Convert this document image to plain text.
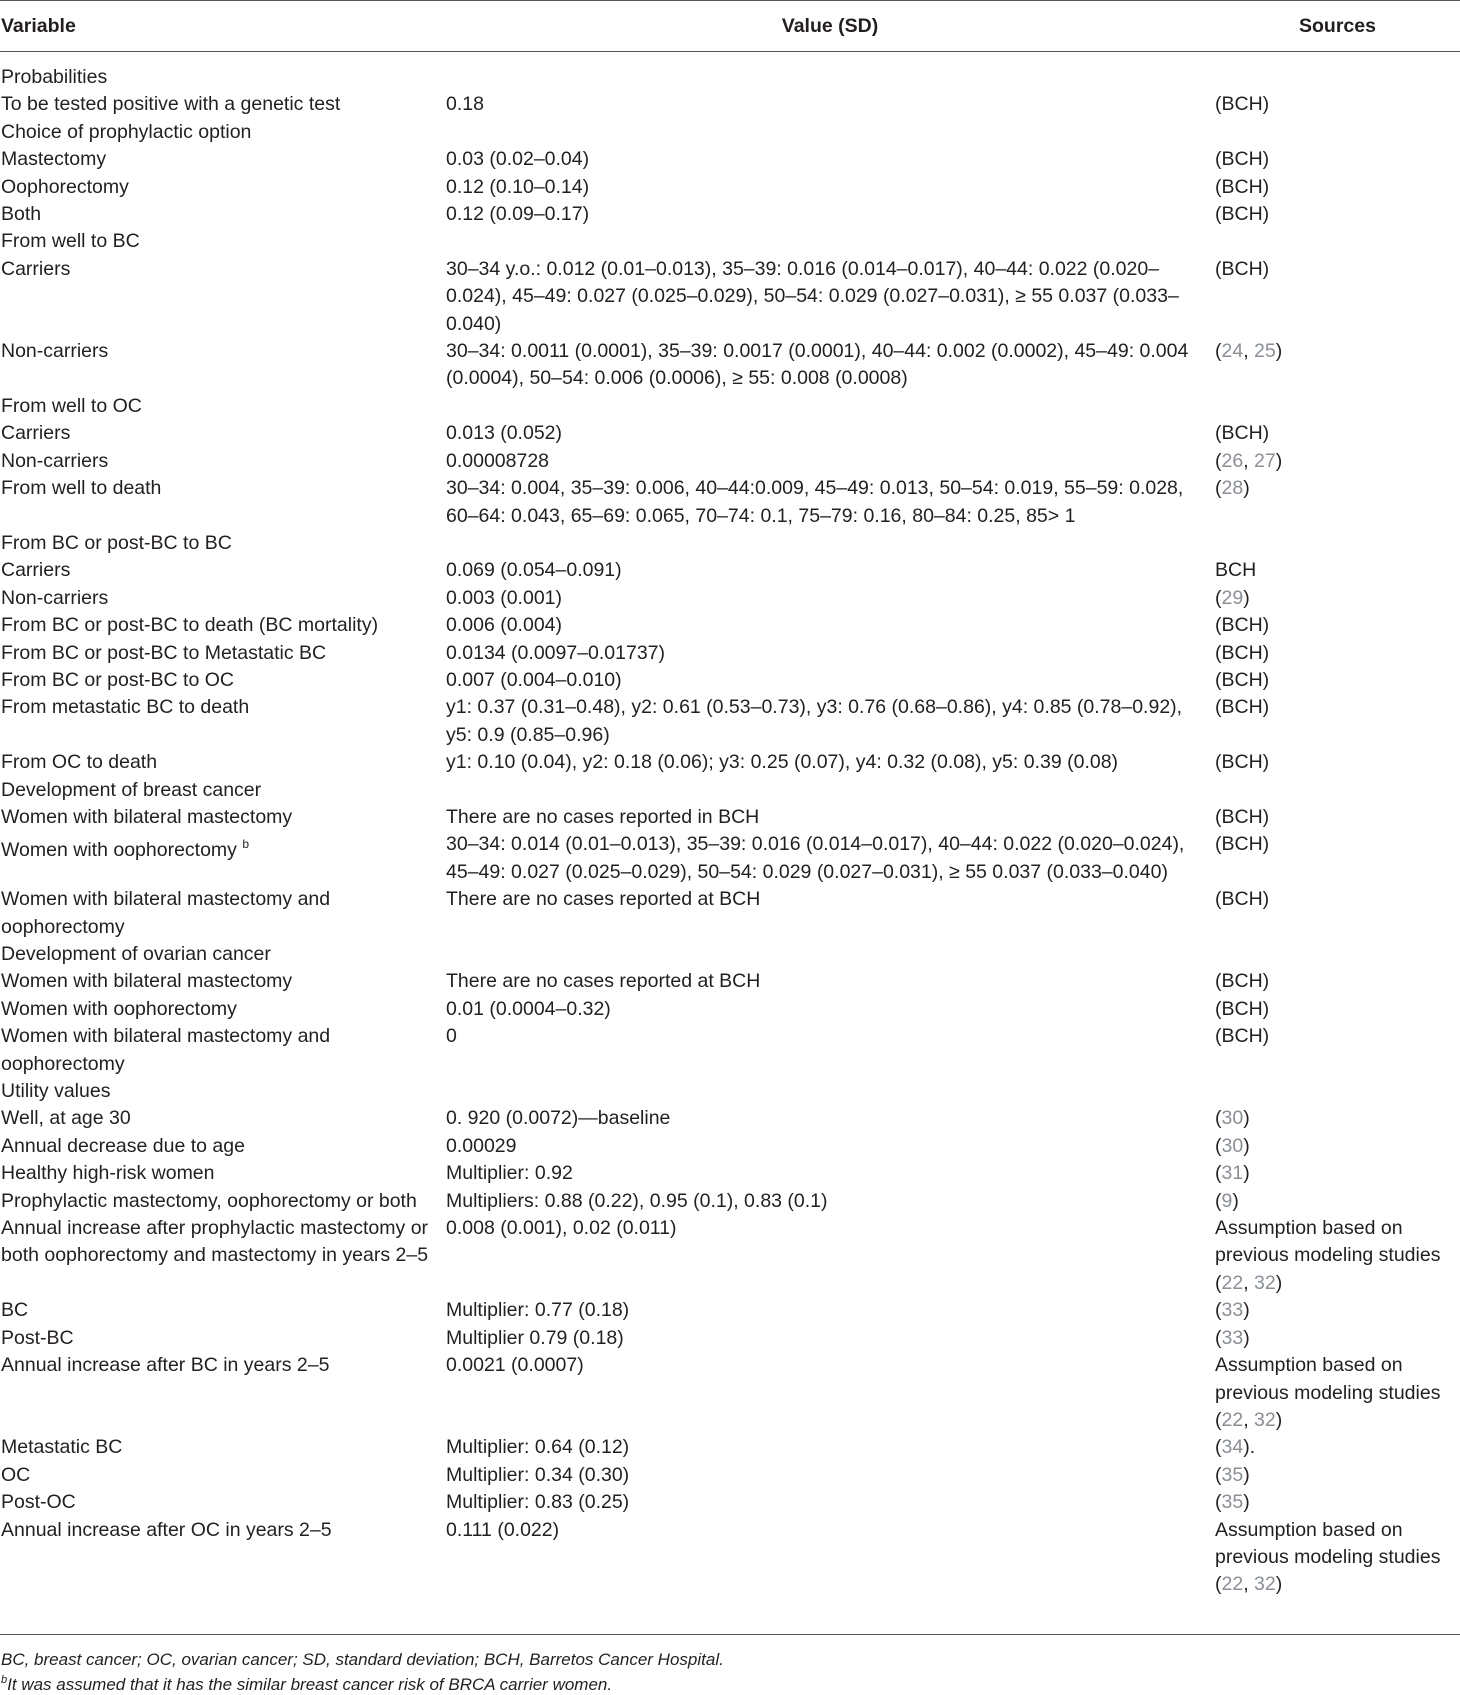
Variable	Value (SD)	Sources
Probabilities		
To be tested positive with a genetic test	0.18	(BCH)
Choice of prophylactic option		
Mastectomy	0.03 (0.02–0.04)	(BCH)
Oophorectomy	0.12 (0.10–0.14)	(BCH)
Both	0.12 (0.09–0.17)	(BCH)
From well to BC		
Carriers	30–34 y.o.: 0.012 (0.01–0.013), 35–39: 0.016 (0.014–0.017), 40–44: 0.022 (0.020–0.024), 45–49: 0.027 (0.025–0.029), 50–54: 0.029 (0.027–0.031), ≥ 55 0.037 (0.033–0.040)	(BCH)
Non-carriers	30–34: 0.0011 (0.0001), 35–39: 0.0017 (0.0001), 40–44: 0.002 (0.0002), 45–49: 0.004 (0.0004), 50–54: 0.006 (0.0006), ≥ 55: 0.008 (0.0008)	(24, 25)
From well to OC		
Carriers	0.013 (0.052)	(BCH)
Non-carriers	0.00008728	(26, 27)
From well to death	30–34: 0.004, 35–39: 0.006, 40–44:0.009, 45–49: 0.013, 50–54: 0.019, 55–59: 0.028, 60–64: 0.043, 65–69: 0.065, 70–74: 0.1, 75–79: 0.16, 80–84: 0.25, 85> 1	(28)
From BC or post-BC to BC		
Carriers	0.069 (0.054–0.091)	BCH
Non-carriers	0.003 (0.001)	(29)
From BC or post-BC to death (BC mortality)	0.006 (0.004)	(BCH)
From BC or post-BC to Metastatic BC	0.0134 (0.0097–0.01737)	(BCH)
From BC or post-BC to OC	0.007 (0.004–0.010)	(BCH)
From metastatic BC to death	y1: 0.37 (0.31–0.48), y2: 0.61 (0.53–0.73), y3: 0.76 (0.68–0.86), y4: 0.85 (0.78–0.92), y5: 0.9 (0.85–0.96)	(BCH)
From OC to death	y1: 0.10 (0.04), y2: 0.18 (0.06); y3: 0.25 (0.07), y4: 0.32 (0.08), y5: 0.39 (0.08)	(BCH)
Development of breast cancer		
Women with bilateral mastectomy	There are no cases reported in BCH	(BCH)
Women with oophorectomy $^b$	30–34: 0.014 (0.01–0.013), 35–39: 0.016 (0.014–0.017), 40–44: 0.022 (0.020–0.024), 45–49: 0.027 (0.025–0.029), 50–54: 0.029 (0.027–0.031), ≥ 55 0.037 (0.033–0.040)	(BCH)
Women with bilateral mastectomy and oophorectomy	There are no cases reported at BCH	(BCH)
Development of ovarian cancer		
Women with bilateral mastectomy	There are no cases reported at BCH	(BCH)
Women with oophorectomy	0.01 (0.0004–0.32)	(BCH)
Women with bilateral mastectomy and oophorectomy	0	(BCH)
Utility values		
Well, at age 30	0. 920 (0.0072)—baseline	(30)
Annual decrease due to age	0.00029	(30)
Healthy high-risk women	Multiplier: 0.92	(31)
Prophylactic mastectomy, oophorectomy or both	Multipliers: 0.88 (0.22), 0.95 (0.1), 0.83 (0.1)	(9)
Annual increase after prophylactic mastectomy or both oophorectomy and mastectomy in years 2–5	0.008 (0.001), 0.02 (0.011)	Assumption based on previous modeling studies (22, 32)
BC	Multiplier: 0.77 (0.18)	(33)
Post-BC	Multiplier 0.79 (0.18)	(33)
Annual increase after BC in years 2–5	0.0021 (0.0007)	Assumption based on previous modeling studies (22, 32)
Metastatic BC	Multiplier: 0.64 (0.12)	(34).
OC	Multiplier: 0.34 (0.30)	(35)
Post-OC	Multiplier: 0.83 (0.25)	(35)
Annual increase after OC in years 2–5	0.111 (0.022)	Assumption based on previous modeling studies (22, 32)
BC, breast cancer; OC, ovarian cancer; SD, standard deviation; BCH, Barretos Cancer Hospital.
$^b$It was assumed that it has the similar breast cancer risk of BRCA carrier women.
